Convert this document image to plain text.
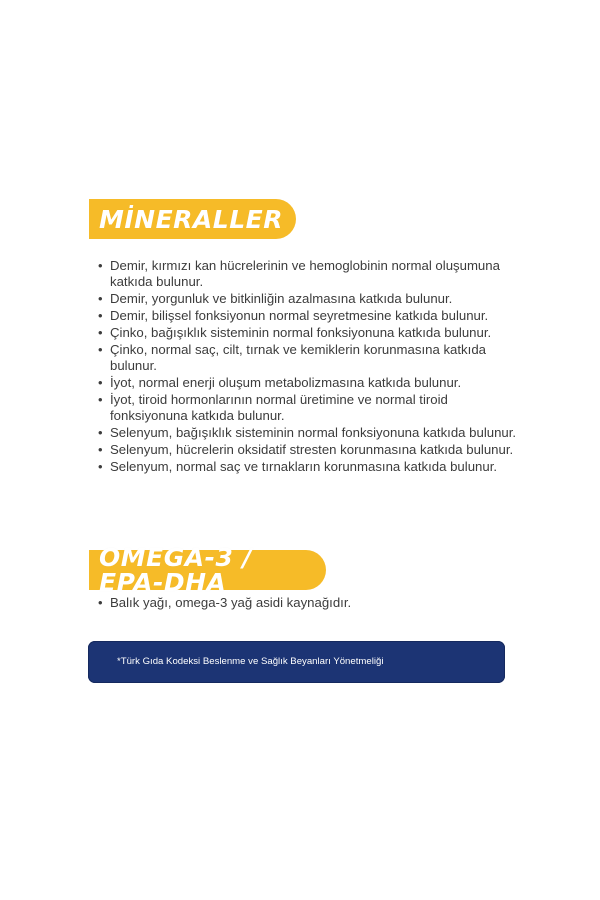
MİNERALLER
• Demir, kırmızı kan hücrelerinin ve hemoglobinin normal oluşumuna katkıda bulunur.
• Demir, yorgunluk ve bitkinliğin azalmasına katkıda bulunur.
• Demir, bilişsel fonksiyonun normal seyretmesine katkıda bulunur.
• Çinko, bağışıklık sisteminin normal fonksiyonuna katkıda bulunur.
• Çinko, normal saç, cilt, tırnak ve kemiklerin korunmasına katkıda bulunur.
• İyot, normal enerji oluşum metabolizmasına katkıda bulunur.
• İyot, tiroid hormonlarının normal üretimine ve normal tiroid fonksiyonuna katkıda bulunur.
• Selenyum, bağışıklık sisteminin normal fonksiyonuna katkıda bulunur.
• Selenyum, hücrelerin oksidatif stresten korunmasına katkıda bulunur.
• Selenyum, normal saç ve tırnakların korunmasına katkıda bulunur.
OMEGA-3 / EPA-DHA
• Balık yağı, omega-3 yağ asidi kaynağıdır.
*Türk Gıda Kodeksi Beslenme ve Sağlık Beyanları Yönetmeliği
